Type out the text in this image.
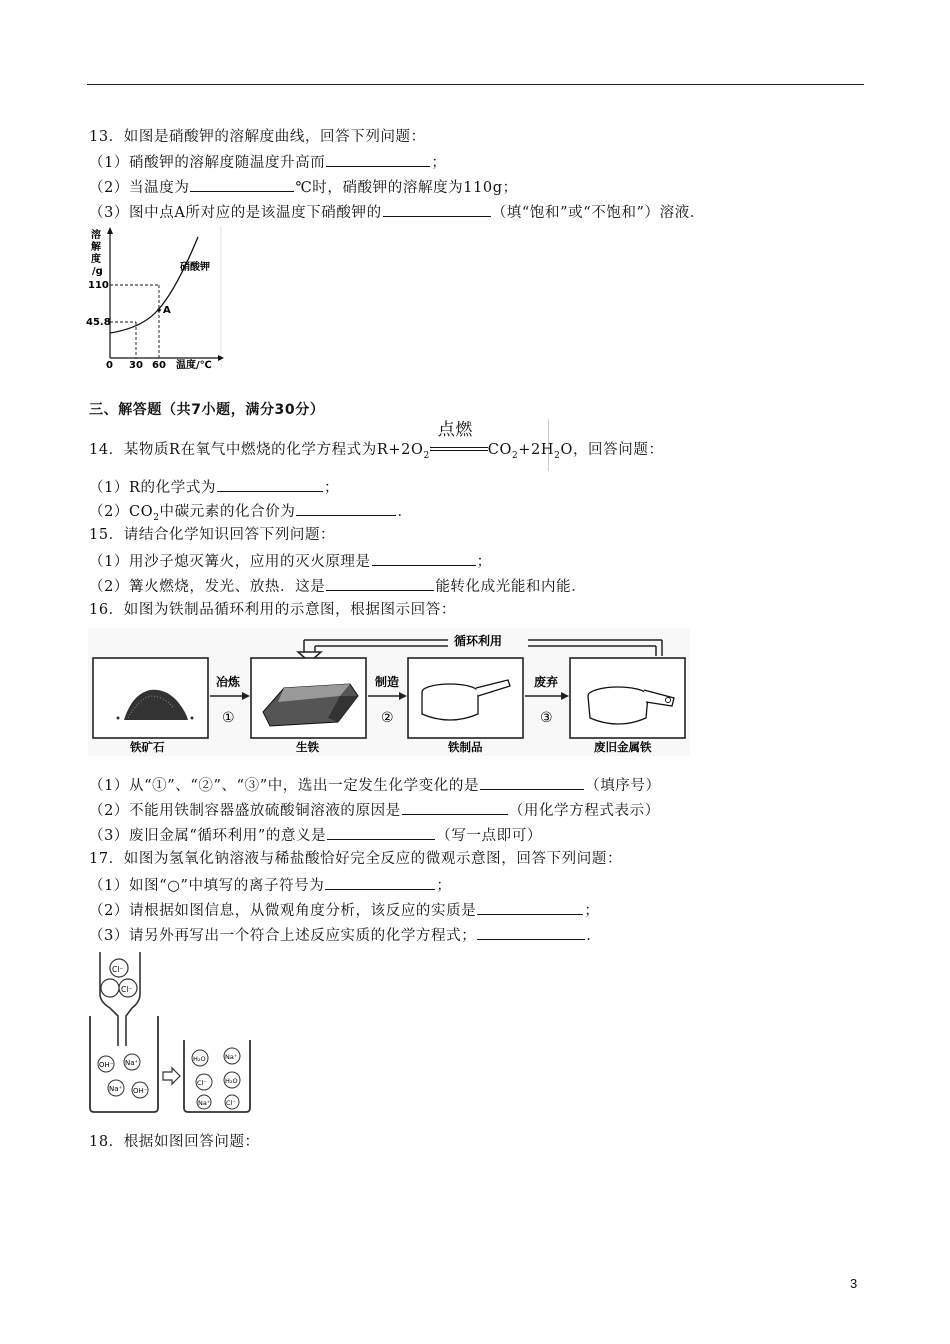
13．如图是硝酸钾的溶解度曲线，回答下列问题：
（1）硝酸钾的溶解度随温度升高而	；
（2）当温度为	℃时，硝酸钾的溶解度为110g；
（3）图中点A所对应的是该温度下硝酸钾的	（填“饱和”或“不饱和”）溶液．
溶
解
度
/g	硝酸钾
A
110
45.8
0 30 60 温度/℃
三、解答题（共7小题，满分30分）
14．某物质R在氧气中燃烧的化学方程式为$R+2O_2$
点燃
$CO_2+2H_2O$，回答问题：
（1）R的化学式为	；
$(2)CO_2$中碳元素的化合价为	．
15．请结合化学知识回答下列问题：
（1）用沙子熄灭篝火，应用的灭火原理是	；
（2）篝火燃烧，发光、放热．这是	能转化成光能和内能．
16．如图为铁制品循环利用的示意图，根据图示回答：
循环利用
冶炼
①
制造
②
废弃
③
铁矿石	生铁	铁制品	废旧金属铁
（1）从“①”、“②”、“③”中，选出一定发生化学变化的是	（填序号）
（2）不能用铁制容器盛放硫酸铜溶液的原因是	（用化学方程式表示）
（3）废旧金属“循环利用”的意义是	（写一点即可）
17．如图为氢氧化钠溶液与稀盐酸恰好完全反应的微观示意图，回答下列问题：
（1）如图“○”中填写的离子符号为	；
（2）请根据如图信息，从微观角度分析，该反应的实质是	；
（3）请另外再写出一个符合上述反应实质的化学方程式；	．
Cl⁻
Cl⁻
OH⁻ Na⁺
Na⁺ OH⁻
H₂O	Na⁺
Cl⁻	H₂O
Na⁺ Cl⁻
18．根据如图回答问题：
3
